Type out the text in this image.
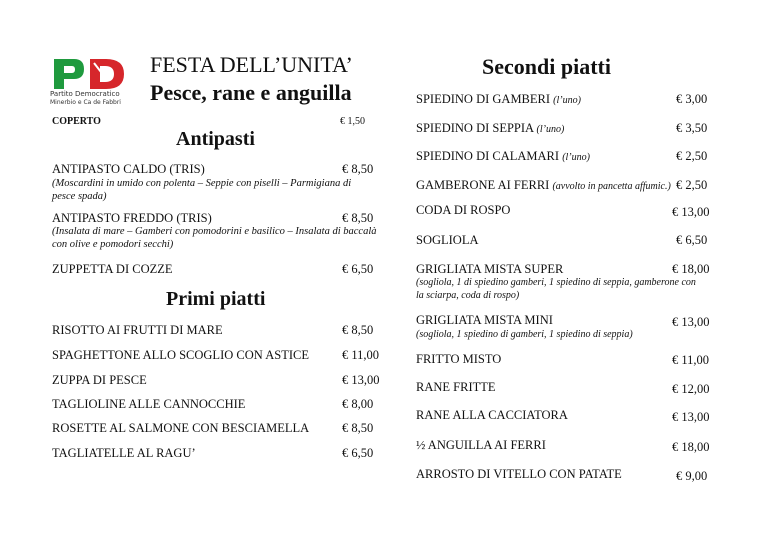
Partito Democratico
Minerbio e Ca de Fabbri
FESTA DELL’UNITA’
Pesce, rane e anguilla
COPERTO	€ 1,50
Antipasti
ANTIPASTO CALDO (TRIS)	€ 8,50
(Moscardini in umido con polenta – Seppie con piselli – Parmigiana di pesce spada)
ANTIPASTO FREDDO (TRIS)	€ 8,50
(Insalata di mare – Gamberi con pomodorini e basilico – Insalata di baccalà con olive e pomodori secchi)
ZUPPETTA DI COZZE	€ 6,50
Primi piatti
RISOTTO AI FRUTTI DI MARE	€ 8,50
SPAGHETTONE ALLO SCOGLIO CON ASTICE	€ 11,00
ZUPPA DI PESCE	€ 13,00
TAGLIOLINE ALLE CANNOCCHIE	€ 8,00
ROSETTE AL SALMONE CON BESCIAMELLA	€ 8,50
TAGLIATELLE AL RAGU’	€ 6,50
Secondi piatti
SPIEDINO DI GAMBERI (l’uno)	€ 3,00
SPIEDINO DI SEPPIA (l’uno)	€ 3,50
SPIEDINO DI CALAMARI (l’uno)	€ 2,50
GAMBERONE AI FERRI (avvolto in pancetta affumic.) € 2,50
CODA DI ROSPO	€ 13,00
SOGLIOLA	€ 6,50
GRIGLIATA MISTA SUPER	€ 18,00
(sogliola, 1 di spiedino gamberi, 1 spiedino di seppia, gamberone con la sciarpa, coda di rospo)
GRIGLIATA MISTA MINI	€ 13,00
(sogliola, 1 spiedino di gamberi, 1 spiedino di seppia)
FRITTO MISTO	€ 11,00
RANE FRITTE	€ 12,00
RANE ALLA CACCIATORA	€ 13,00
½ ANGUILLA AI FERRI	€ 18,00
ARROSTO DI VITELLO CON PATATE	€ 9,00
